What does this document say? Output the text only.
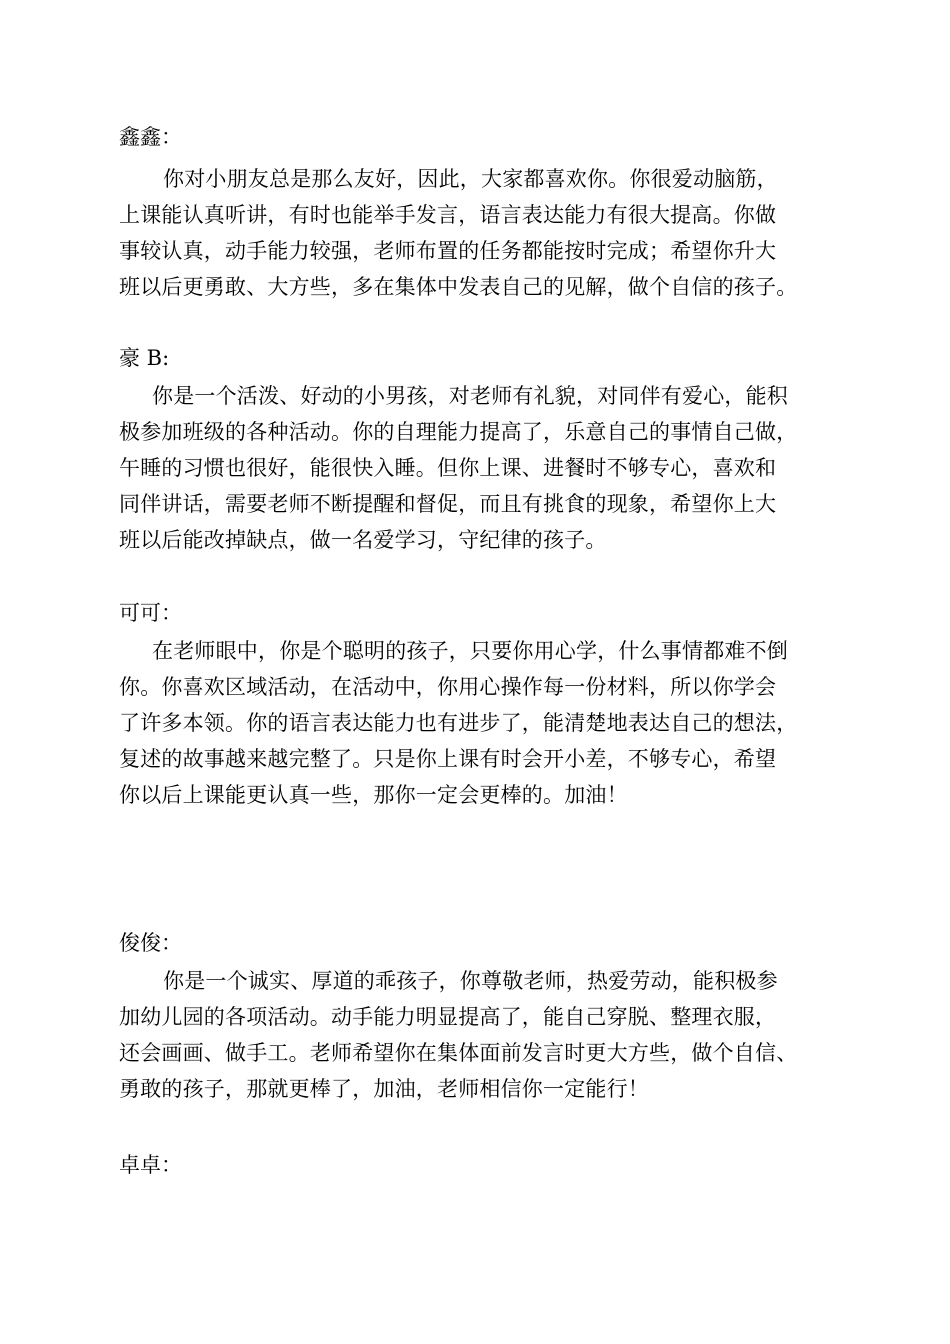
鑫鑫：
你对小朋友总是那么友好，因此，大家都喜欢你。你很爱动脑筋，
上课能认真听讲，有时也能举手发言，语言表达能力有很大提高。你做
事较认真，动手能力较强，老师布置的任务都能按时完成；希望你升大
班以后更勇敢、大方些，多在集体中发表自己的见解，做个自信的孩子。
豪 B:
你是一个活泼、好动的小男孩，对老师有礼貌，对同伴有爱心，能积
极参加班级的各种活动。你的自理能力提高了，乐意自己的事情自己做，
午睡的习惯也很好，能很快入睡。但你上课、进餐时不够专心，喜欢和
同伴讲话，需要老师不断提醒和督促，而且有挑食的现象，希望你上大
班以后能改掉缺点，做一名爱学习，守纪律的孩子。
可可：
在老师眼中，你是个聪明的孩子，只要你用心学，什么事情都难不倒
你。你喜欢区域活动，在活动中，你用心操作每一份材料，所以你学会
了许多本领。你的语言表达能力也有进步了，能清楚地表达自己的想法，
复述的故事越来越完整了。只是你上课有时会开小差，不够专心，希望
你以后上课能更认真一些，那你一定会更棒的。加油！
俊俊：
你是一个诚实、厚道的乖孩子，你尊敬老师，热爱劳动，能积极参
加幼儿园的各项活动。动手能力明显提高了，能自己穿脱、整理衣服，
还会画画、做手工。老师希望你在集体面前发言时更大方些，做个自信、
勇敢的孩子，那就更棒了，加油，老师相信你一定能行！
卓卓：
